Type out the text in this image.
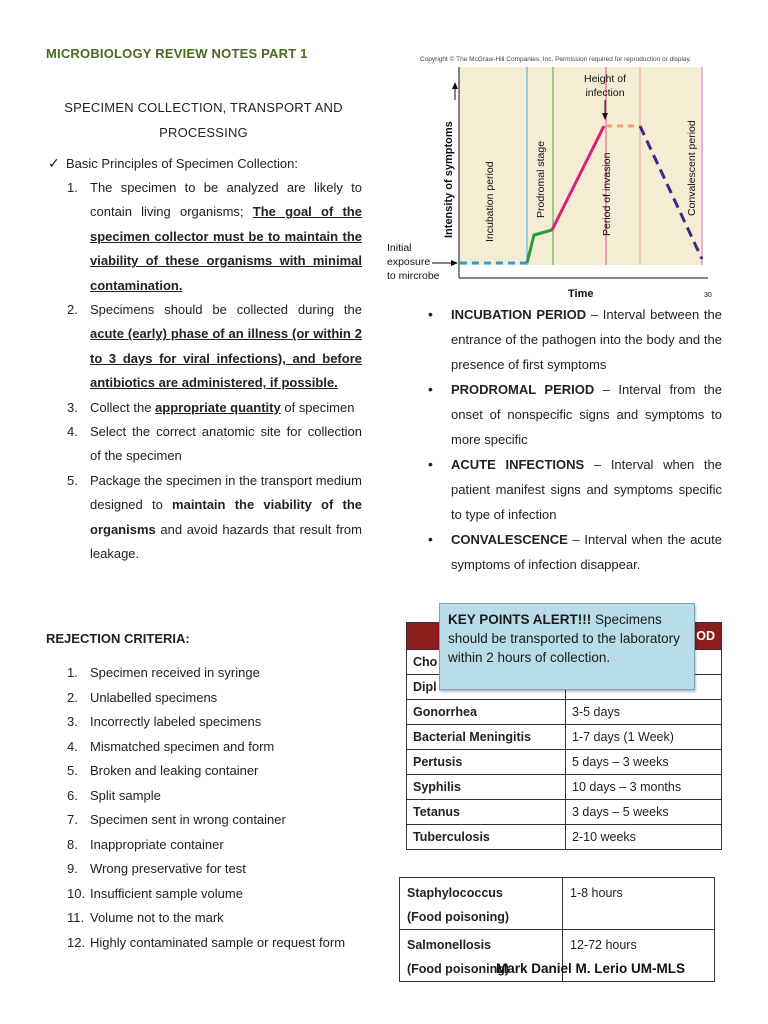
MICROBIOLOGY REVIEW NOTES PART 1
SPECIMEN COLLECTION, TRANSPORT AND
PROCESSING
✓ Basic Principles of Specimen Collection:
1. The specimen to be analyzed are likely to contain living organisms; The goal of the specimen collector must be to maintain the viability of these organisms with minimal contamination.
2. Specimens should be collected during the acute (early) phase of an illness (or within 2 to 3 days for viral infections), and before antibiotics are administered, if possible.
3. Collect the appropriate quantity of specimen
4. Select the correct anatomic site for collection of the specimen
5. Package the specimen in the transport medium designed to maintain the viability of the organisms and avoid hazards that result from leakage.
REJECTION CRITERIA:
1. Specimen received in syringe
2. Unlabelled specimens
3. Incorrectly labeled specimens
4. Mismatched specimen and form
5. Broken and leaking container
6. Split sample
7. Specimen sent in wrong container
8. Inappropriate container
9. Wrong preservative for test
10. Insufficient sample volume
11. Volume not to the mark
12. Highly contaminated sample or request form
Copyright © The McGraw-Hill Companies, Inc. Permission required for reproduction or display.
Intensity of symptoms
Time	30
Initial
exposure
to mircrobe
Height of
infection
Incubation period	Prodromal stage	Period of invasion	Convalescent period
• INCUBATION PERIOD – Interval between the entrance of the pathogen into the body and the presence of first symptoms
• PRODROMAL PERIOD – Interval from the onset of nonspecific signs and symptoms to more specific
• ACUTE INFECTIONS – Interval when the patient manifest signs and symptoms specific to type of infection
• CONVALESCENCE – Interval when the acute symptoms of infection disappear.
	OD
Cho	
Dipl	
Gonorrhea	3-5 days
Bacterial Meningitis	1-7 days (1 Week)
Pertusis	5 days – 3 weeks
Syphilis	10 days – 3 months
Tetanus	3 days – 5 weeks
Tuberculosis	2-10 weeks
KEY POINTS ALERT!!! Specimens should be transported to the laboratory within 2 hours of collection.
Staphylococcus
(Food poisoning)	1-8 hours

Salmonellosis
(Food poisoning)	12-72 hours
Mark Daniel M. Lerio UM-MLS
